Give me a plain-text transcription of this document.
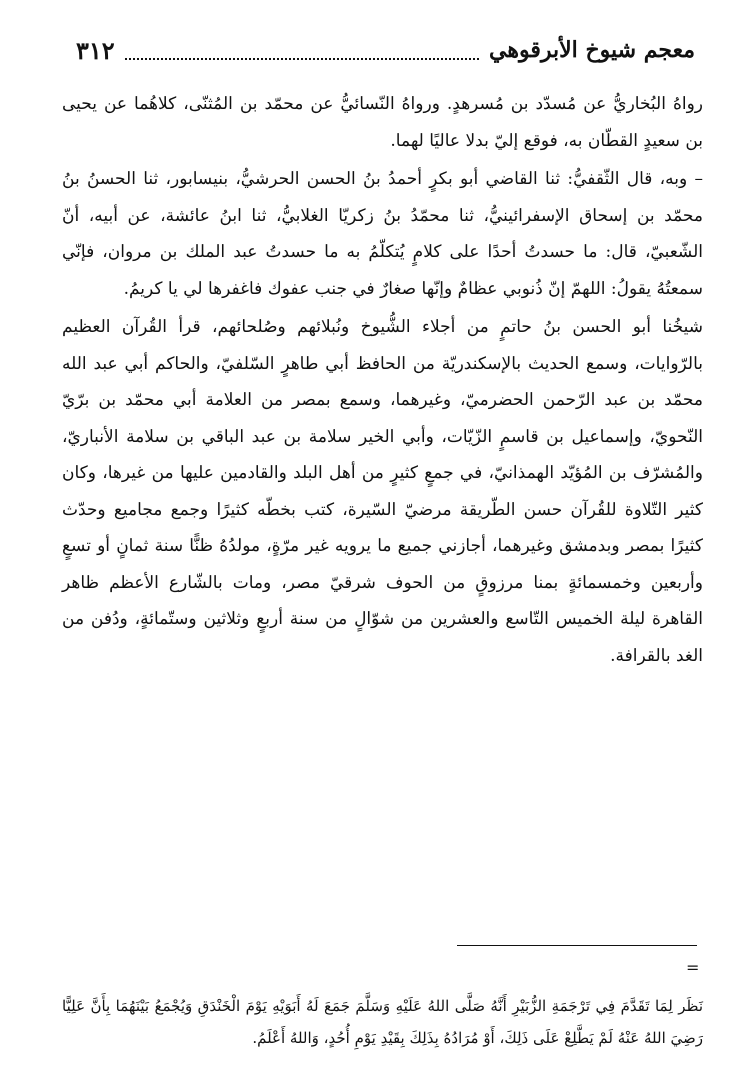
معجم شيوخ الأبرقوهي
٣١٢

رواهُ البُخاريُّ عن مُسدّد بن مُسرهدٍ. ورواهُ النّسائيُّ عن محمّد بن المُثنّى، كلاهُما عن يحيى بن سعيدٍ القطّان به، فوقع إليّ بدلا عاليًا لهما.

– وبه، قال الثّقفيُّ: ثنا القاضي أبو بكرٍ أحمدُ بنُ الحسن الحرشيُّ، بنيسابور، ثنا الحسنُ بنُ محمّد بن إسحاق الإسفرائينيُّ، ثنا محمّدُ بنُ زكريّا الغلابيُّ، ثنا ابنُ عائشة، عن أبيه، أنّ الشّعبيّ، قال: ما حسدتُ أحدًا على كلامٍ يُتكلّمُ به ما حسدتُ عبد الملك بن مروان، فإنّي سمعتُهُ يقولُ: اللهمّ إنّ ذُنوبي عظامٌ وإنّها صغارٌ في جنب عفوك فاغفرها لي يا كريمُ.

شيخُنا أبو الحسن بنُ حاتمٍ من أجلاء الشُّيوخ ونُبلائهم وصُلحائهم، قرأ القُرآن العظيم بالرّوايات، وسمع الحديث بالإسكندريّة من الحافظ أبي طاهرٍ السّلفيّ، والحاكم أبي عبد الله محمّد بن عبد الرّحمن الحضرميّ، وغيرهما، وسمع بمصر من العلامة أبي محمّد بن برّيّ النّحويّ، وإسماعيل بن قاسمٍ الزّيّات، وأبي الخير سلامة بن عبد الباقي بن سلامة الأنباريّ، والمُشرّف بن المُؤيّد الهمذانيّ، في جمعٍ كثيرٍ من أهل البلد والقادمين عليها من غيرها، وكان كثير التّلاوة للقُرآن حسن الطّريقة مرضيّ السّيرة، كتب بخطّه كثيرًا وجمع مجاميع وحدّث كثيرًا بمصر وبدمشق وغيرهما، أجازني جميع ما يرويه غير مرّةٍ، مولدُهُ ظنًّا سنة ثمانٍ أو تسعٍ وأربعين وخمسمائةٍ بمنا مرزوقٍ من الحوف شرقيّ مصر، ومات بالشّارع الأعظم ظاهر القاهرة ليلة الخميس التّاسع والعشرين من شوّالٍ من سنة أربعٍ وثلاثين وستّمائةٍ، ودُفن من الغد بالقرافة.

=

نَظَر لِمَا تَقَدَّمَ فِي تَرْجَمَةِ الزُّبَيْرِ أَنَّهُ صَلَّى اللهُ عَلَيْهِ وَسَلَّمَ جَمَعَ لَهُ أَبَوَيْهِ يَوْمَ الْخَنْدَقِ وَيُجْمَعُ بَيْنَهُمَا بِأَنَّ عَلِيًّا رَضِيَ اللهُ عَنْهُ لَمْ يَطَّلِعْ عَلَى ذَلِكَ، أَوْ مُرَادُهُ بِذَلِكَ بِقَيْدِ يَوْمِ أُحُدٍ، وَاللهُ أَعْلَمُ.
